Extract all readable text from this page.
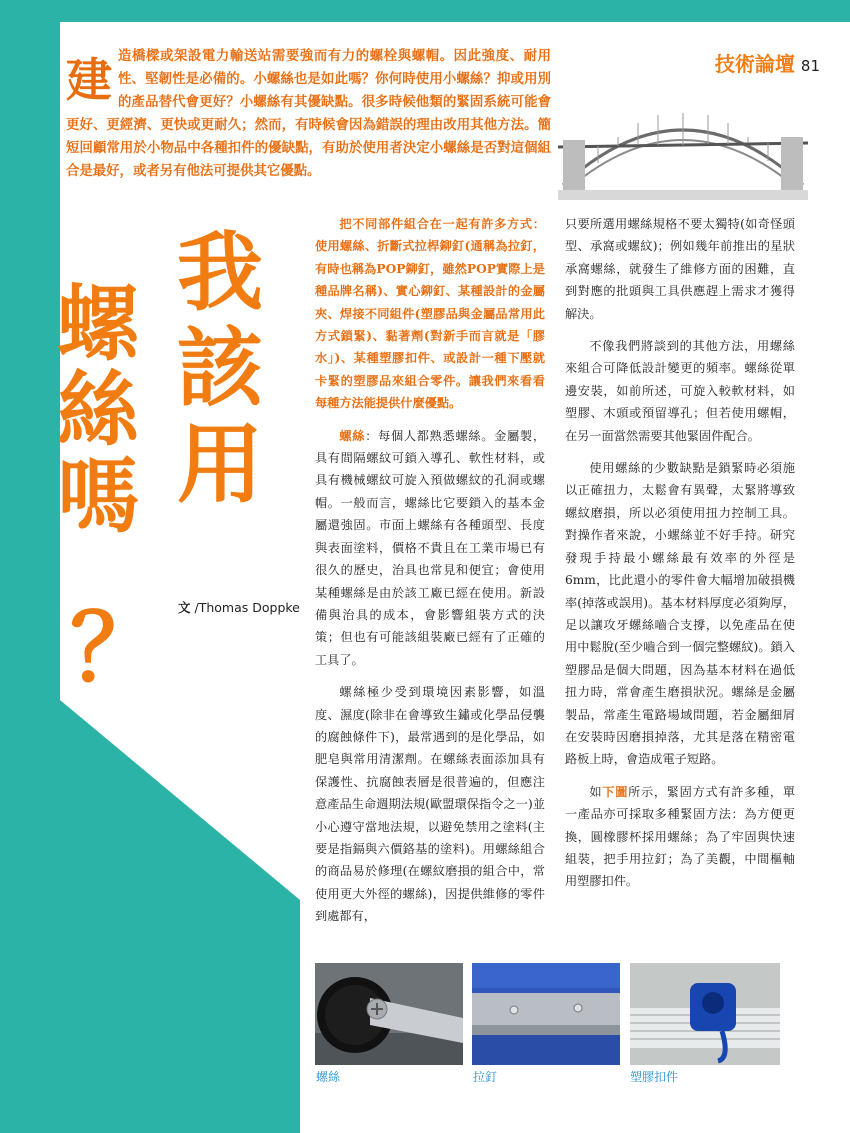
技術論壇 81
建 造橋樑或架設電力輸送站需要強而有力的螺栓與螺帽。因此強度、耐用性、堅韌性是必備的。小螺絲也是如此嗎？你何時使用小螺絲？抑或用別的產品替代會更好？小螺絲有其優缺點。很多時候他類的緊固系統可能會更好、更經濟、更快或更耐久；然而，有時候會因為錯誤的理由改用其他方法。簡短回顧常用於小物品中各種扣件的優缺點，有助於使用者決定小螺絲是否對這個組合是最好，或者另有他法可提供其它優點。
螺絲嗎
我該用
？ 文 /Thomas Doppke

把不同部件組合在一起有許多方式：使用螺絲、折斷式拉桿鉚釘(通稱為拉釘，有時也稱為POP鉚釘，雖然POP實際上是種品牌名稱)、實心鉚釘、某種設計的金屬夾、焊接不同組件(塑膠品與金屬品常用此方式鎖緊)、黏著劑(對新手而言就是「膠水」)、某種塑膠扣件、或設計一種下壓就卡緊的塑膠品來組合零件。讓我們來看看每種方法能提供什麼優點。

螺絲：每個人都熟悉螺絲。金屬製，具有間隔螺紋可鎖入導孔、軟性材料，或具有機械螺紋可旋入預做螺紋的孔洞或螺帽。一般而言，螺絲比它要鎖入的基本金屬還強固。市面上螺絲有各種頭型、長度與表面塗料，價格不貴且在工業市場已有很久的歷史，治具也常見和便宜；會使用某種螺絲是由於該工廠已經在使用。新設備與治具的成本，會影響組裝方式的決策；但也有可能該組裝廠已經有了正確的工具了。

螺絲極少受到環境因素影響，如溫度、濕度(除非在會導致生鏽或化學品侵襲的腐蝕條件下)，最常遇到的是化學品，如肥皂與常用清潔劑。在螺絲表面添加具有保護性、抗腐蝕表層是很普遍的，但應注意產品生命週期法規(歐盟環保指令之一)並小心遵守當地法規，以避免禁用之塗料(主要是指鎘與六價鉻基的塗料)。用螺絲組合的商品易於修理(在螺紋磨損的組合中，常使用更大外徑的螺絲)，因提供維修的零件到處都有，

只要所選用螺絲規格不要太獨特(如奇怪頭型、承窩或螺紋)；例如幾年前推出的星狀承窩螺絲，就發生了維修方面的困難，直到對應的批頭與工具供應趕上需求才獲得解決。

不像我們將談到的其他方法，用螺絲來組合可降低設計變更的頻率。螺絲從單邊安裝，如前所述，可旋入較軟材料，如塑膠、木頭或預留導孔；但若使用螺帽，在另一面當然需要其他緊固件配合。

使用螺絲的少數缺點是鎖緊時必須施以正確扭力，太鬆會有異聲，太緊將導致螺紋磨損，所以必須使用扭力控制工具。對操作者來說，小螺絲並不好手持。研究發現手持最小螺絲最有效率的外徑是6mm，比此還小的零件會大幅增加破損機率(掉落或誤用)。基本材料厚度必須夠厚，足以讓攻牙螺絲嚙合支撐，以免產品在使用中鬆脫(至少嚙合到一個完整螺紋)。鎖入塑膠品是個大問題，因為基本材料在過低扭力時，常會產生磨損狀況。螺絲是金屬製品，常產生電路場域問題，若金屬細屑在安裝時因磨損掉落，尤其是落在精密電路板上時，會造成電子短路。

如下圖所示，緊固方式有許多種，單一產品亦可採取多種緊固方法：為方便更換，圓橡膠杯採用螺絲；為了牢固與快速組裝，把手用拉釘；為了美觀，中間樞軸用塑膠扣件。

螺絲	拉釘	塑膠扣件
